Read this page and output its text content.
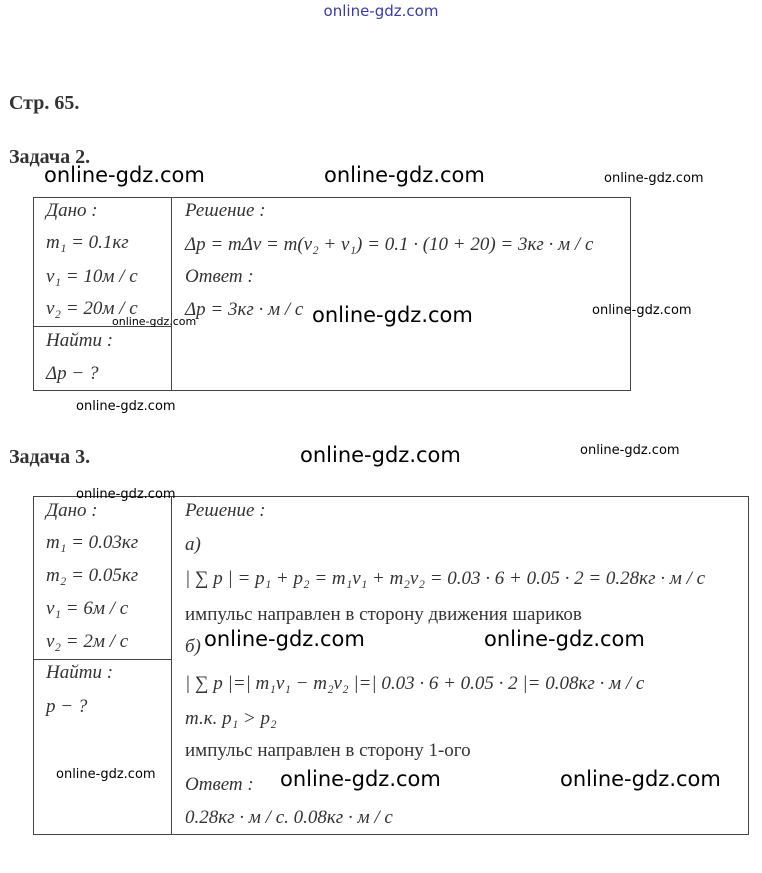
online-gdz.com
Стр. 65.
Задача 2.
Дано :
m₁ = 0.1кг
v₁ = 10м / с
v₂ = 20м / с
Найти :
Δp − ?
Решение :
Δp = mΔv = m(v₂ + v₁) = 0.1 · (10 + 20) = 3кг · м / с
Ответ :
Δp = 3кг · м / с
Задача 3.
Дано :
m₁ = 0.03кг
m₂ = 0.05кг
v₁ = 6м / с
v₂ = 2м / с
Найти :
p − ?
Решение :
а)
| ∑ p | = p₁ + p₂ = m₁v₁ + m₂v₂ = 0.03 · 6 + 0.05 · 2 = 0.28кг · м / с
импульс направлен в сторону движения шариков
б)
| ∑ p |=| m₁v₁ − m₂v₂ |=| 0.03 · 6 + 0.05 · 2 |= 0.08кг · м / с
т.к. p₁ > p₂
импульс направлен в сторону 1-ого
Ответ :
0.28кг · м / с. 0.08кг · м / с
online-gdz.com	online-gdz.com	online-gdz.com
online-gdz.com
online-gdz.com
online-gdz.com
online-gdz.com
online-gdz.com	online-gdz.com
online-gdz.com
online-gdz.com	online-gdz.com
online-gdz.com	online-gdz.com	online-gdz.com
